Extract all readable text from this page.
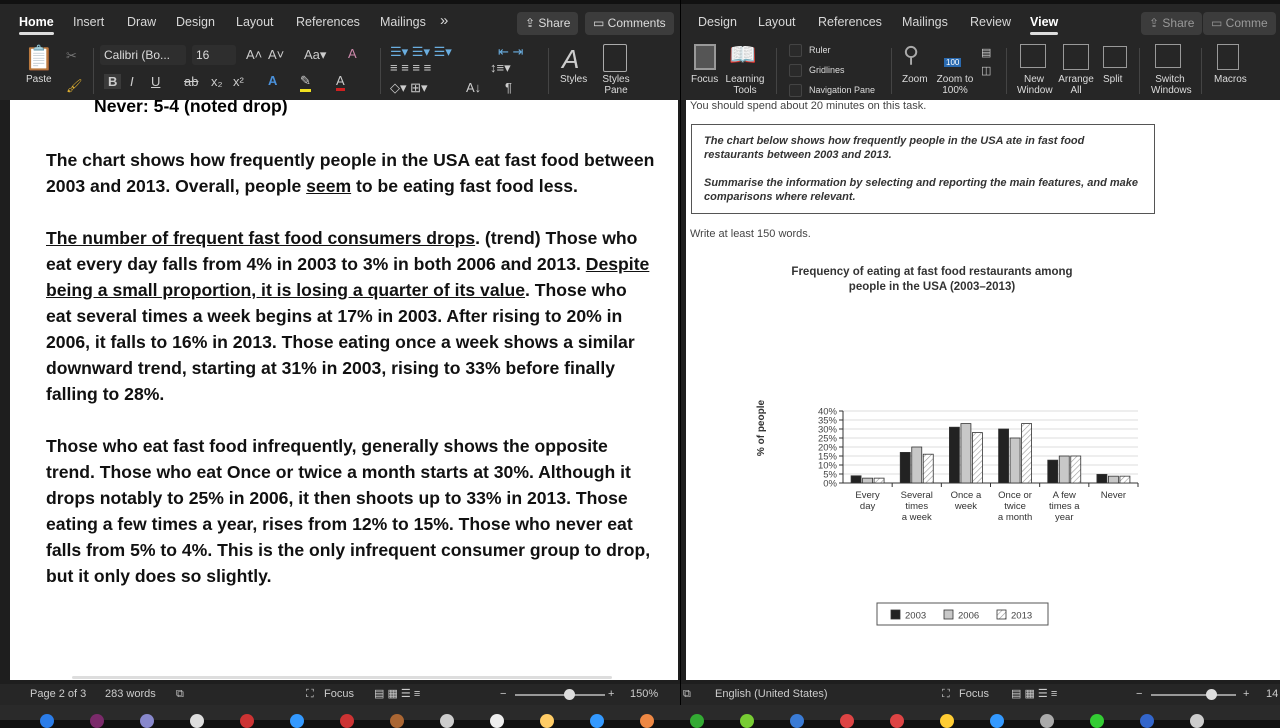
Home Insert Draw Design Layout References Mailings »	⇪ Share	▭ Comments
📋
Paste
✂
🖌
Calibri (Bo...	16	A˄ A˅ Aa▾ A
B I U ab x₂ x² A ✎ A
☰▾ ☰▾ ☰▾	⇤ ⇥
≡ ≡ ≡ ≡	↕≡▾
◇▾ ⊞▾	A↓ ¶
A
Styles	Styles Pane
Never: 5-4 (noted drop)

The chart shows how frequently people in the USA eat fast food between 2003 and 2013. Overall, people seem to be eating fast food less.

The number of frequent fast food consumers drops. (trend) Those who eat every day falls from 4% in 2003 to 3% in both 2006 and 2013. Despite being a small proportion, it is losing a quarter of its value. Those who eat several times a week begins at 17% in 2003. After rising to 20% in 2006, it falls to 16% in 2013. Those eating once a week shows a similar downward trend, starting at 31% in 2003, rising to 33% before finally falling to 28%.

Those who eat fast food infrequently, generally shows the opposite trend. Those who eat Once or twice a month starts at 30%. Although it drops notably to 25% in 2006, it then shoots up to 33% in 2013. Those eating a few times a year, rises from 12% to 15%. Those who never eat falls from 5% to 4%. This is the only infrequent consumer group to drop, but it only does so slightly.

Page 2 of 3 283 words ⧉	⛶ Focus ▤ ▦ ☰ ≡	−	+ 150%
Design Layout References Mailings Review View	⇪ Share	▭ Comme
Focus
📖
Learning Tools
Ruler
Gridlines
Navigation Pane
⚲
Zoom
100
Zoom to 100%
▤
◫
New Window
Arrange All
Split	Switch Windows
Macros
You should spend about 20 minutes on this task.

The chart below shows how frequently people in the USA ate in fast food restaurants between 2003 and 2013.

Summarise the information by selecting and reporting the main features, and make comparisons where relevant.

Write at least 150 words.
Frequency of eating at fast food restaurants among
people in the USA (2003–2013)
% of people
0%
5%
10%
15%
20%
25%
30%
35%
40%
Every
day
Several
times
a week
Once a
week
Once or
twice
a month
A few
times a
year
Never
2003	2006	2013
⧉ English (United States)	⛶ Focus ▤ ▦ ☰ ≡	−	+ 14
